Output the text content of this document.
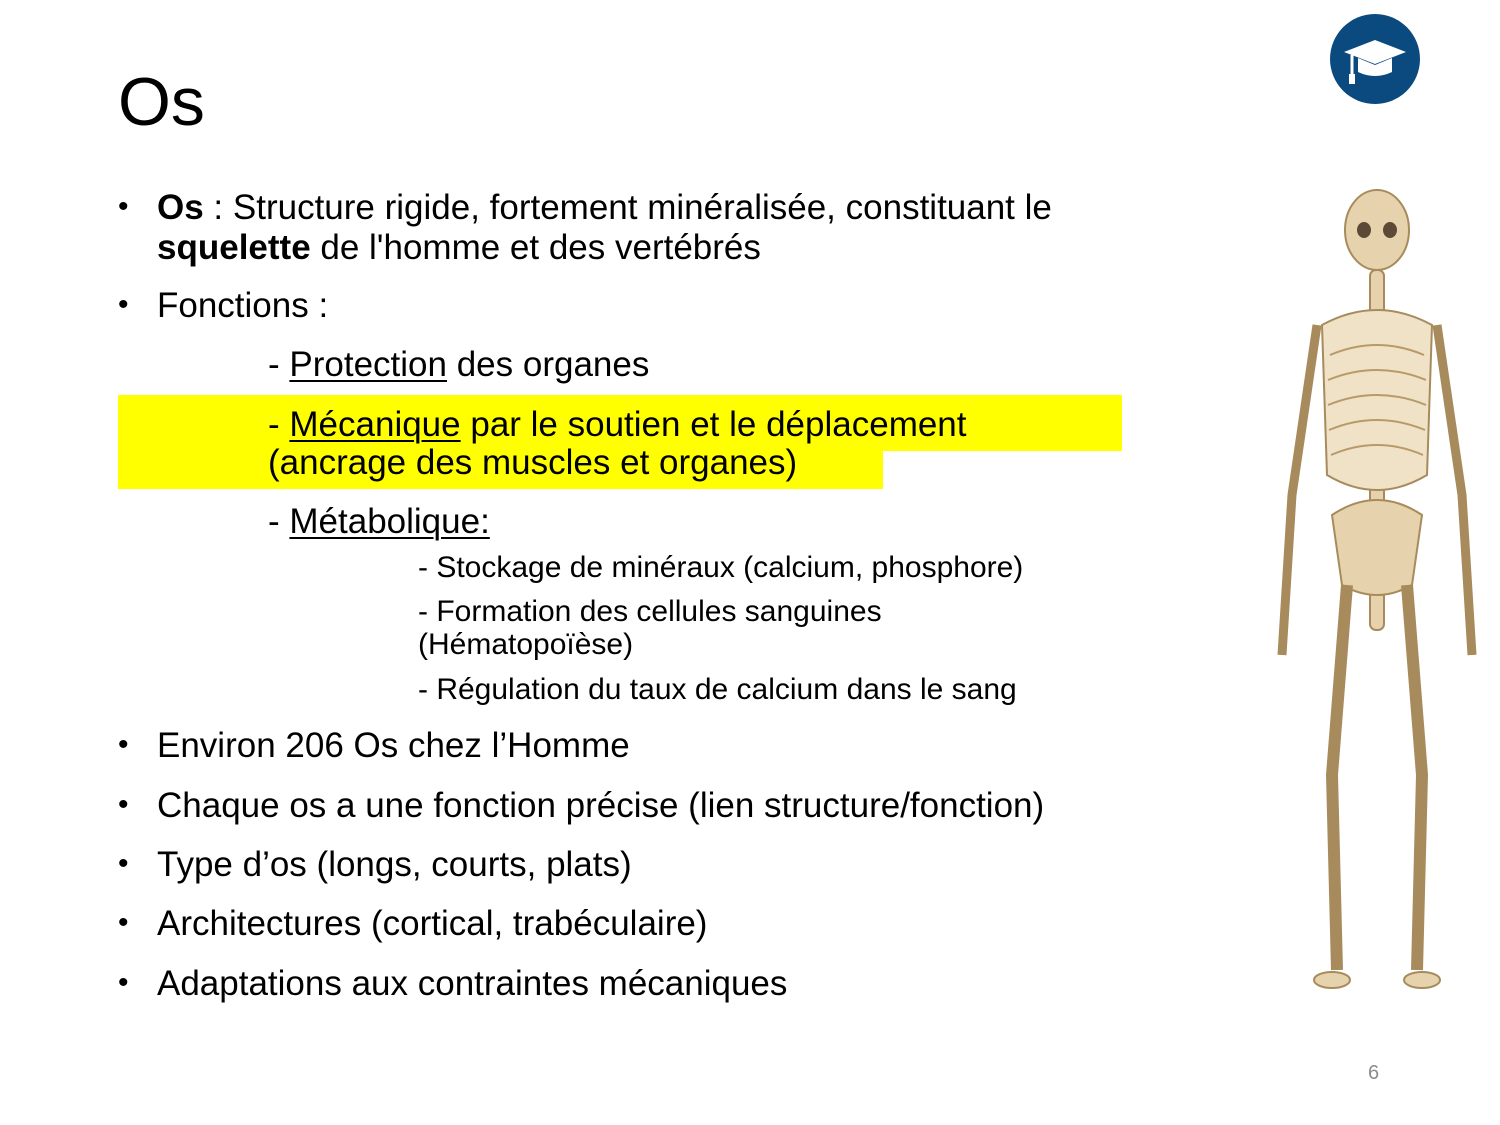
Os
• Os : Structure rigide, fortement minéralisée, constituant le
squelette de l'homme et des vertébrés
• Fonctions :
- Protection des organes
- Mécanique par le soutien et le déplacement
(ancrage des muscles et organes)
- Métabolique:
- Stockage de minéraux (calcium, phosphore)
- Formation des cellules sanguines
(Hématopoïèse)
- Régulation du taux de calcium dans le sang
• Environ 206 Os chez l’Homme
• Chaque os a une fonction précise (lien structure/fonction)
• Type d’os (longs, courts, plats)
• Architectures (cortical, trabéculaire)
• Adaptations aux contraintes mécaniques
6
